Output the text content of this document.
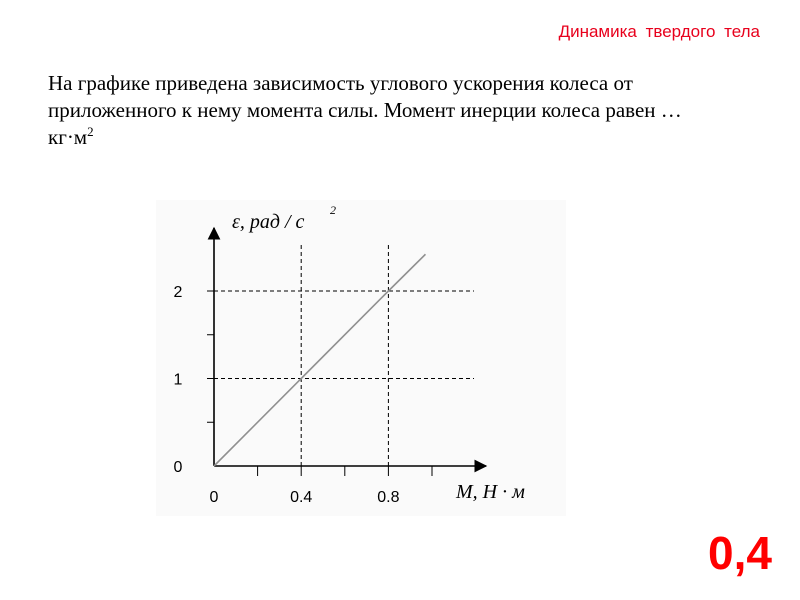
Динамика твердого тела
На графике приведена зависимость углового ускорения колеса от приложенного к нему момента силы. Момент инерции колеса равен … $кг\cdot м^2$
0	0.4	0.8
0
1
2
ε, рад / с
2
M, Н · м
0,4
